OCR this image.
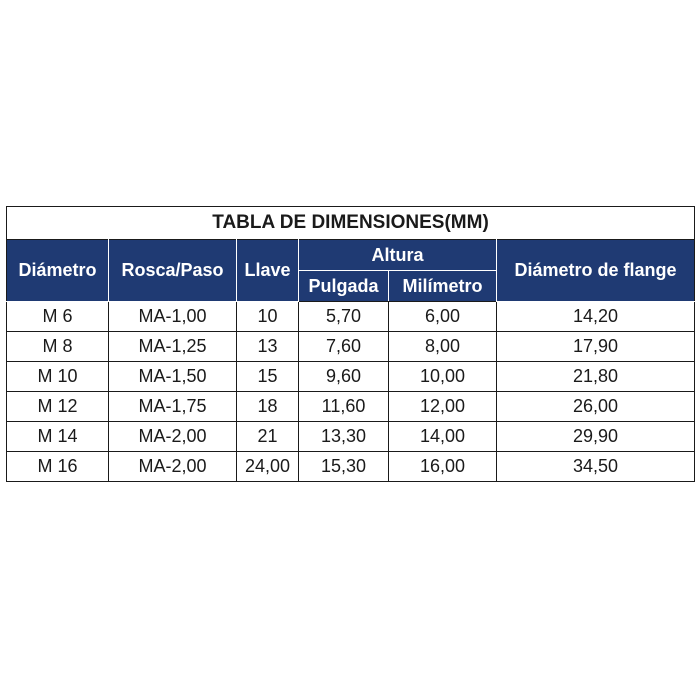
TABLA DE DIMENSIONES(MM)					
Diámetro	Rosca/Paso	Llave	Altura		Diámetro de flange
			Pulgada	Milímetro	
M 6	MA-1,00	10	5,70	6,00	14,20
M 8	MA-1,25	13	7,60	8,00	17,90
M 10	MA-1,50	15	9,60	10,00	21,80
M 12	MA-1,75	18	11,60	12,00	26,00
M 14	MA-2,00	21	13,30	14,00	29,90
M 16	MA-2,00	24,00	15,30	16,00	34,50
